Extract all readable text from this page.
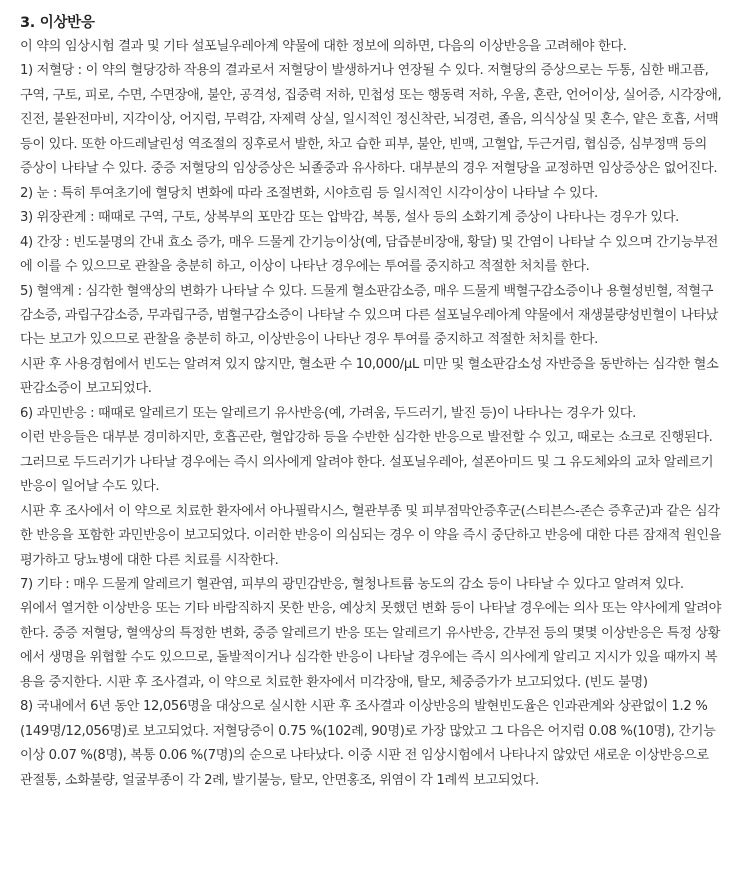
3. 이상반응

이 약의 임상시험 결과 및 기타 설포닐우레아계 약물에 대한 정보에 의하면, 다음의 이상반응을 고려해야 한다.

1) 저혈당 : 이 약의 혈당강하 작용의 결과로서 저혈당이 발생하거나 연장될 수 있다. 저혈당의 증상으로는 두통, 심한 배고픔, 구역, 구토, 피로, 수면, 수면장애, 불안, 공격성, 집중력 저하, 민첩성 또는 행동력 저하, 우울, 혼란, 언어이상, 실어증, 시각장애, 진전, 불완전마비, 지각이상, 어지럼, 무력감, 자제력 상실, 일시적인 정신착란, 뇌경련, 졸음, 의식상실 및 혼수, 얕은 호흡, 서맥 등이 있다. 또한 아드레날린성 역조절의 징후로서 발한, 차고 습한 피부, 불안, 빈맥, 고혈압, 두근거림, 협심증, 심부정맥 등의 증상이 나타날 수 있다. 중증 저혈당의 임상증상은 뇌졸중과 유사하다. 대부분의 경우 저혈당을 교정하면 임상증상은 없어진다.

2) 눈 : 특히 투여초기에 혈당치 변화에 따라 조절변화, 시야흐림 등 일시적인 시각이상이 나타날 수 있다.

3) 위장관계 : 때때로 구역, 구토, 상복부의 포만감 또는 압박감, 복통, 설사 등의 소화기계 증상이 나타나는 경우가 있다.

4) 간장 : 빈도불명의 간내 효소 증가, 매우 드물게 간기능이상(예, 담즙분비장애, 황달) 및 간염이 나타날 수 있으며 간기능부전에 이를 수 있으므로 관찰을 충분히 하고, 이상이 나타난 경우에는 투여를 중지하고 적절한 처치를 한다.

5) 혈액계 : 심각한 혈액상의 변화가 나타날 수 있다. 드물게 혈소판감소증, 매우 드물게 백혈구감소증이나 용혈성빈혈, 적혈구감소증, 과립구감소증, 무과립구증, 범혈구감소증이 나타날 수 있으며 다른 설포닐우레아계 약물에서 재생불량성빈혈이 나타났다는 보고가 있으므로 관찰을 충분히 하고, 이상반응이 나타난 경우 투여를 중지하고 적절한 처치를 한다.

시판 후 사용경험에서 빈도는 알려져 있지 않지만, 혈소판 수 10,000/μL 미만 및 혈소판감소성 자반증을 동반하는 심각한 혈소판감소증이 보고되었다.

6) 과민반응 : 때때로 알레르기 또는 알레르기 유사반응(예, 가려움, 두드러기, 발진 등)이 나타나는 경우가 있다.

이런 반응들은 대부분 경미하지만, 호흡곤란, 혈압강하 등을 수반한 심각한 반응으로 발전할 수 있고, 때로는 쇼크로 진행된다. 그러므로 두드러기가 나타날 경우에는 즉시 의사에게 알려야 한다. 설포닐우레아, 설폰아미드 및 그 유도체와의 교차 알레르기 반응이 일어날 수도 있다.

시판 후 조사에서 이 약으로 치료한 환자에서 아나필락시스, 혈관부종 및 피부점막안증후군(스티븐스-존슨 증후군)과 같은 심각한 반응을 포함한 과민반응이 보고되었다. 이러한 반응이 의심되는 경우 이 약을 즉시 중단하고 반응에 대한 다른 잠재적 원인을 평가하고 당뇨병에 대한 다른 치료를 시작한다.

7) 기타 : 매우 드물게 알레르기 혈관염, 피부의 광민감반응, 혈청나트륨 농도의 감소 등이 나타날 수 있다고 알려져 있다.

위에서 열거한 이상반응 또는 기타 바람직하지 못한 반응, 예상치 못했던 변화 등이 나타날 경우에는 의사 또는 약사에게 알려야 한다. 중증 저혈당, 혈액상의 특정한 변화, 중증 알레르기 반응 또는 알레르기 유사반응, 간부전 등의 몇몇 이상반응은 특정 상황에서 생명을 위협할 수도 있으므로, 돌발적이거나 심각한 반응이 나타날 경우에는 즉시 의사에게 알리고 지시가 있을 때까지 복용을 중지한다. 시판 후 조사결과, 이 약으로 치료한 환자에서 미각장애, 탈모, 체중증가가 보고되었다. (빈도 불명)

8) 국내에서 6년 동안 12,056명을 대상으로 실시한 시판 후 조사결과 이상반응의 발현빈도율은 인과관계와 상관없이 1.2 %(149명/12,056명)로 보고되었다. 저혈당증이 0.75 %(102례, 90명)로 가장 많았고 그 다음은 어지럼 0.08 %(10명), 간기능이상 0.07 %(8명), 복통 0.06 %(7명)의 순으로 나타났다. 이중 시판 전 임상시험에서 나타나지 않았던 새로운 이상반응으로 관절통, 소화불량, 얼굴부종이 각 2례, 발기불능, 탈모, 안면홍조, 위염이 각 1례씩 보고되었다.
